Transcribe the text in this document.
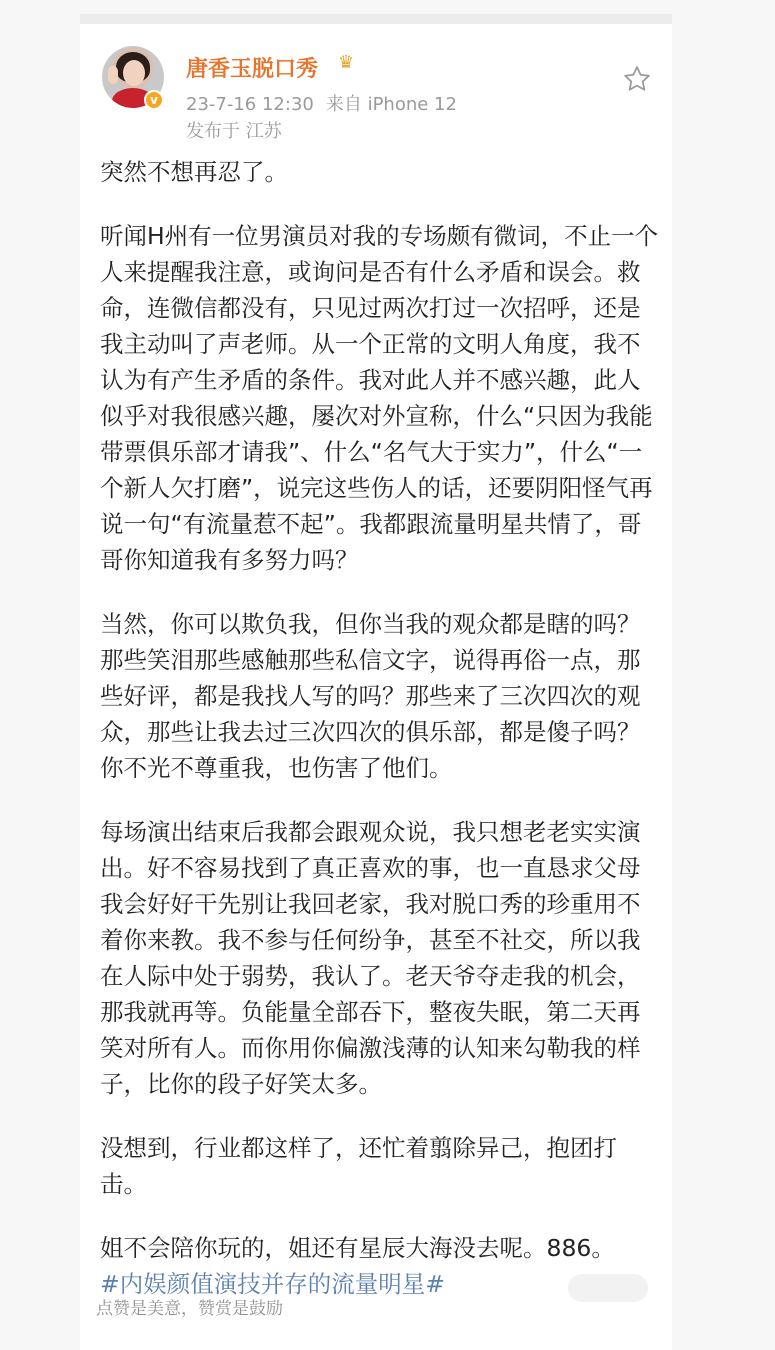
v
唐香玉脱口秀 ♛
23-7-16 12:30 来自 iPhone 12
发布于 江苏

突然不想再忍了。

听闻H州有一位男演员对我的专场颇有微词，不止一个人来提醒我注意，或询问是否有什么矛盾和误会。救命，连微信都没有，只见过两次打过一次招呼，还是我主动叫了声老师。从一个正常的文明人角度，我不认为有产生矛盾的条件。我对此人并不感兴趣，此人似乎对我很感兴趣，屡次对外宣称，什么“只因为我能带票俱乐部才请我”、什么“名气大于实力”，什么“一个新人欠打磨”，说完这些伤人的话，还要阴阳怪气再说一句“有流量惹不起”。我都跟流量明星共情了，哥哥你知道我有多努力吗？

当然，你可以欺负我，但你当我的观众都是瞎的吗？那些笑泪那些感触那些私信文字，说得再俗一点，那些好评，都是我找人写的吗？那些来了三次四次的观众，那些让我去过三次四次的俱乐部，都是傻子吗？你不光不尊重我，也伤害了他们。

每场演出结束后我都会跟观众说，我只想老老实实演出。好不容易找到了真正喜欢的事，也一直恳求父母我会好好干先别让我回老家，我对脱口秀的珍重用不着你来教。我不参与任何纷争，甚至不社交，所以我在人际中处于弱势，我认了。老天爷夺走我的机会，那我就再等。负能量全部吞下，整夜失眠，第二天再笑对所有人。而你用你偏激浅薄的认知来勾勒我的样子，比你的段子好笑太多。

没想到，行业都这样了，还忙着翦除异己，抱团打击。

姐不会陪你玩的，姐还有星辰大海没去呢。886。

#内娱颜值演技并存的流量明星#
点赞是美意，赞赏是鼓励
